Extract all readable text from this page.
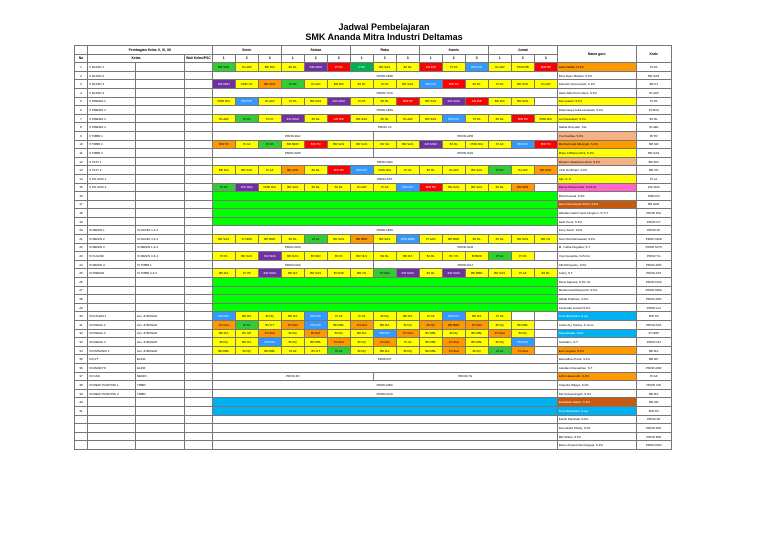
Jadwal Pembelajaran
SMK Ananda Mitra Industri Deltamas
	Pembagian Kelas X, XI, XII			Senin			Selasa			Rabu			Kamis			Jumat			Nama guru	Kode
No	Kelas		Wali Kelas/PSC	1	2	3	1	2	3	1	2	3	1	2	3	1	2	3		

1	X RLINKI 1			BR SAD	IS HAP	BD RIA	BJ RL	INF MOZ	PI PA	P PA	BR SAS	BJ RL	AN RIP	PI PA	PKN FF	IS HAP	PKW RB	BIN TR	Aalia Nabila, M.Pd.	PI PA
2	X RLINKI 2			PROD-NDR															Dina Ryan Maharti, S.Pd.	BR SAS
3	X RLINKI 3			INF MRJ	PMD SA	BR KPS	PI PA	IS HAP	BR RIA	BJ RL	PI PA	BR SAS	PKN FF	BIN TR	BJ RL	PI PA	BR SAS	IS HAP	Zahrotul Qomarriyah, S.Pd.	BK PJ
4	X RLINKI 4			PROD-YOG															Haris Rais Putri Utami, S.Pd	IS HAP
5	X PMESIN 1			PMD RIA	PKN FF	IS HAP	PI PA	BR SAS	INF MOZ	PI PA	BJ RL	BIN TR	BR SAS	INF MOZ	AN RIP	BD RIA	BR SAS		Dwi Lestari, S.Pd.	PI PA
6	X PMESIN 2			PROD-NRN															Dharmasya Aulia Himawati, S.Pd.	PI SDH
7	X PMESIN 3			IS HAP	PI PA	PI DY	INF MOZ	BJ RL	AN RIP	BR SAS	BJ RL	IS HAP	BR SAS	PKN FF	PI PA	BJ RL	BIN TR	PMD RIA	Lia Nuraeidah, S.Pd.	BJ RL
8	X PMESIN 4			PROD-YA															Nabila Rusydah, S.E.	IS HRL
9	X TMBR 1			PROD-RAJ							PROD-APR								Yuni Kartika, S.Pd.	BI TR
10	X TMBR 2			BIN TR	PI AZ	PI PA	BR MRR	BIN TR	BR SAS	BR SAS	BJ SH	BR SAS	INF MOZ	BJ RL	PMD RIA	PI AZ	PKN FF	BIN TR	Muchammad Alfarsyah, S.Pd.	BR NR
11	X TMBR 3			PROD-APR							PROD-SAS								Ilham Ariffianto Rizk, S.Pd.	BR SAS
12	X TKJT 1			PROD-SAD															Winarni Oktaberian Ruhi, S.Pd.	BR WO
13	X TKJT 2			BD RIA	BR SAS	PI AZ	BR APR	BJ RL	BIN TR	PKN FF	PMD RIA	PI AZ	BJ RL	IS HAP	BR SAS	PI PA	IS HAP	BR APR	Vicki Nurfitriani, S.Pd.	BR VN
14	X PH LIDO 1			PROD-AST															Ajis, S. K.	PI AJ
15	X PH LIDO 2			PI PA	INF SDA	PMD RIA	BR SAS	BJ RL	BJ RL	IS HAP	PI AZ	PKN FF	BIN TR	BR SAS	BR SAS	BJ RL	BR APR		Zarina Sariya Dewi, S.Pd.Gr.	INF SDA
16																			Rizal Kesuali, S.Pd.	PMD RS
17																			Heru Firmansyah Rush, S.Pd.	BR HFR
18																			Wardani Galuh Cipto Ningrum, S.Tr.T	PROD WG
19																			Dedi Yusuf, S.Pd.	PROD DY
20	XI MESIN 1	XI RLINKI 1 & 2		PROD-NRN															Ferry Fauzi, S.Pd.	PROD FF
21	XI MESIN 2	XI RLINKI 3 & 4		BR SAS	PI NRR	BD BRR	BJ RL	PI AJ	BR SAS	BR BRR	BR SAS	PKN MRR	PI SAD	BD BRR	BJ RL	BJ RL	BR SAS	BR VN	Novi Dwi Rahmawati, S.Pd.	PROD NDR
22	XI MESIN 3	XI MESIN 1 & 2		PROD-APR							PROD-SLM								M. Yudha Nugraha, S.T.	PROD MYN
23	XI KULINR	XI MESIN 3 & 4		PI PA	BR SAS	INF SDA	BR RAS	BI NFR	BI PA	BR NLS	BJ RL	BD RA	BJ RL	BV VN	BI BRR	PI AJ	PI PA		Yogi Gunardia ,S.Pd.Gr	PROD YG
24	XI MESIN 4	XI TMBR 1		PROD-DAS							PROD-RAJ								AB Pebriyanto, S.Pd.	PROD APR
25	XI PMESIN	XI TMBR 2 & 3		BD RA	PI YB	INF MOZ	BD RA	BR SAS	BI SNR	BR VN	PI SAD	INF MOZ	BJ RL	INF MOZ	BD BRR	BR SAS	PI AZ	BJ RL	Andry, S.T.	PROD AST
26																			Dena Saputra, S.Pd. Gr.	PROD DAS
27																			Muhammad Rasyid Ali, S.Pd.	PROD MRA
28																			Akhlat Prabowo, S.Pd.	PROD APR
29																			Azela Alle Juniarti,S.Pd.	PROD AJJ
30	XII KALEM 1	ALL JURUSAN		PKN FF	BD RA	BI DQ	BD RA	PKN FF	PI AZ	PI AZ	BI DQ	BD RA	PI AZ	PKN FF	BD RA	PI AZ			Tomi Ramdhani, S.Ag	BIN TR
31	XII KERJA 2	ALL JURUSAN		PI NAH	PI AJ	BV DT	PI NAH	PKN FF	BD RBL	PI NAH	BD RA	BI DQ	BI DQ	BR BRR	PI NAH	BI DQ	BD RBL		Andre Ary Susina, S. Kom	PROD AAS
32	XII KERJA 3	ALL JURUSAN		BD RA	BV HP	PI NAH	BI DQ	BI RAT	BI DQ	BD RA	PKN FF	PI NAH	BV RBL	BI DQ	BD RBL	PI NAH	BI DQ		Nisa Rosida, S.Pd.	PI NRR
33	XII KERJA 4	ALL JURUSAN		BI DQ	BD RA	PKN FF	BI DQ	BD RBL	PI NAH	BI DQ	PI NAH	PI AZ	BD RBL	PI NAH	BD RBL	BI DQ	PKN FF		Nurhakim, S.T.	PROD NH
34	XII PMSANIK 1	ALL JURUSAN		BD RBL	BI DQ	BD RBL	PI AZ	BV DT	PI AJ	BI DQ	BD RA	BI DQ	BD RBL	PI NAH	BI DQ	PI AJ	PI NAH		Eem Angelia, S.Pd	BD RA
35	XII IVT	ELINK		PROD-DY															Ramadhan Putra, S.Pd.	BR RP
36	XII MANFTO	ELINK																	Adeidam Ramadhan, S.T.	PROD ADR
37	XII CAD	MESIN		PROD-FF							PROD-YG								Arifin Hasanudin, S.Pd	PI AZ
38	XII REFF PAINTING 1	TMBR		PROD-MRA															Chandra Wijaya, S.Pd.	PROD CW
39	XII REFF PAINTING 2	TMBR		PROD-DOA															Rai Suciyaningsih, S.Pd	BD RA
40																			Ruzaifiqul Hakim, S.Pd.	BR HR
41																			Tomi Ramdhani, S.Ag	BIN TR
																			Fachri Pambudi, S.Pd.	PROD FP
																			Zein Abdul Kholiq, S.Pd	PROD ZAK
																			MR Wilian, S.Pd.	PROD MW
																			Retno Ariyanti Nurningtyas, S.Pd.	PROD RAN
